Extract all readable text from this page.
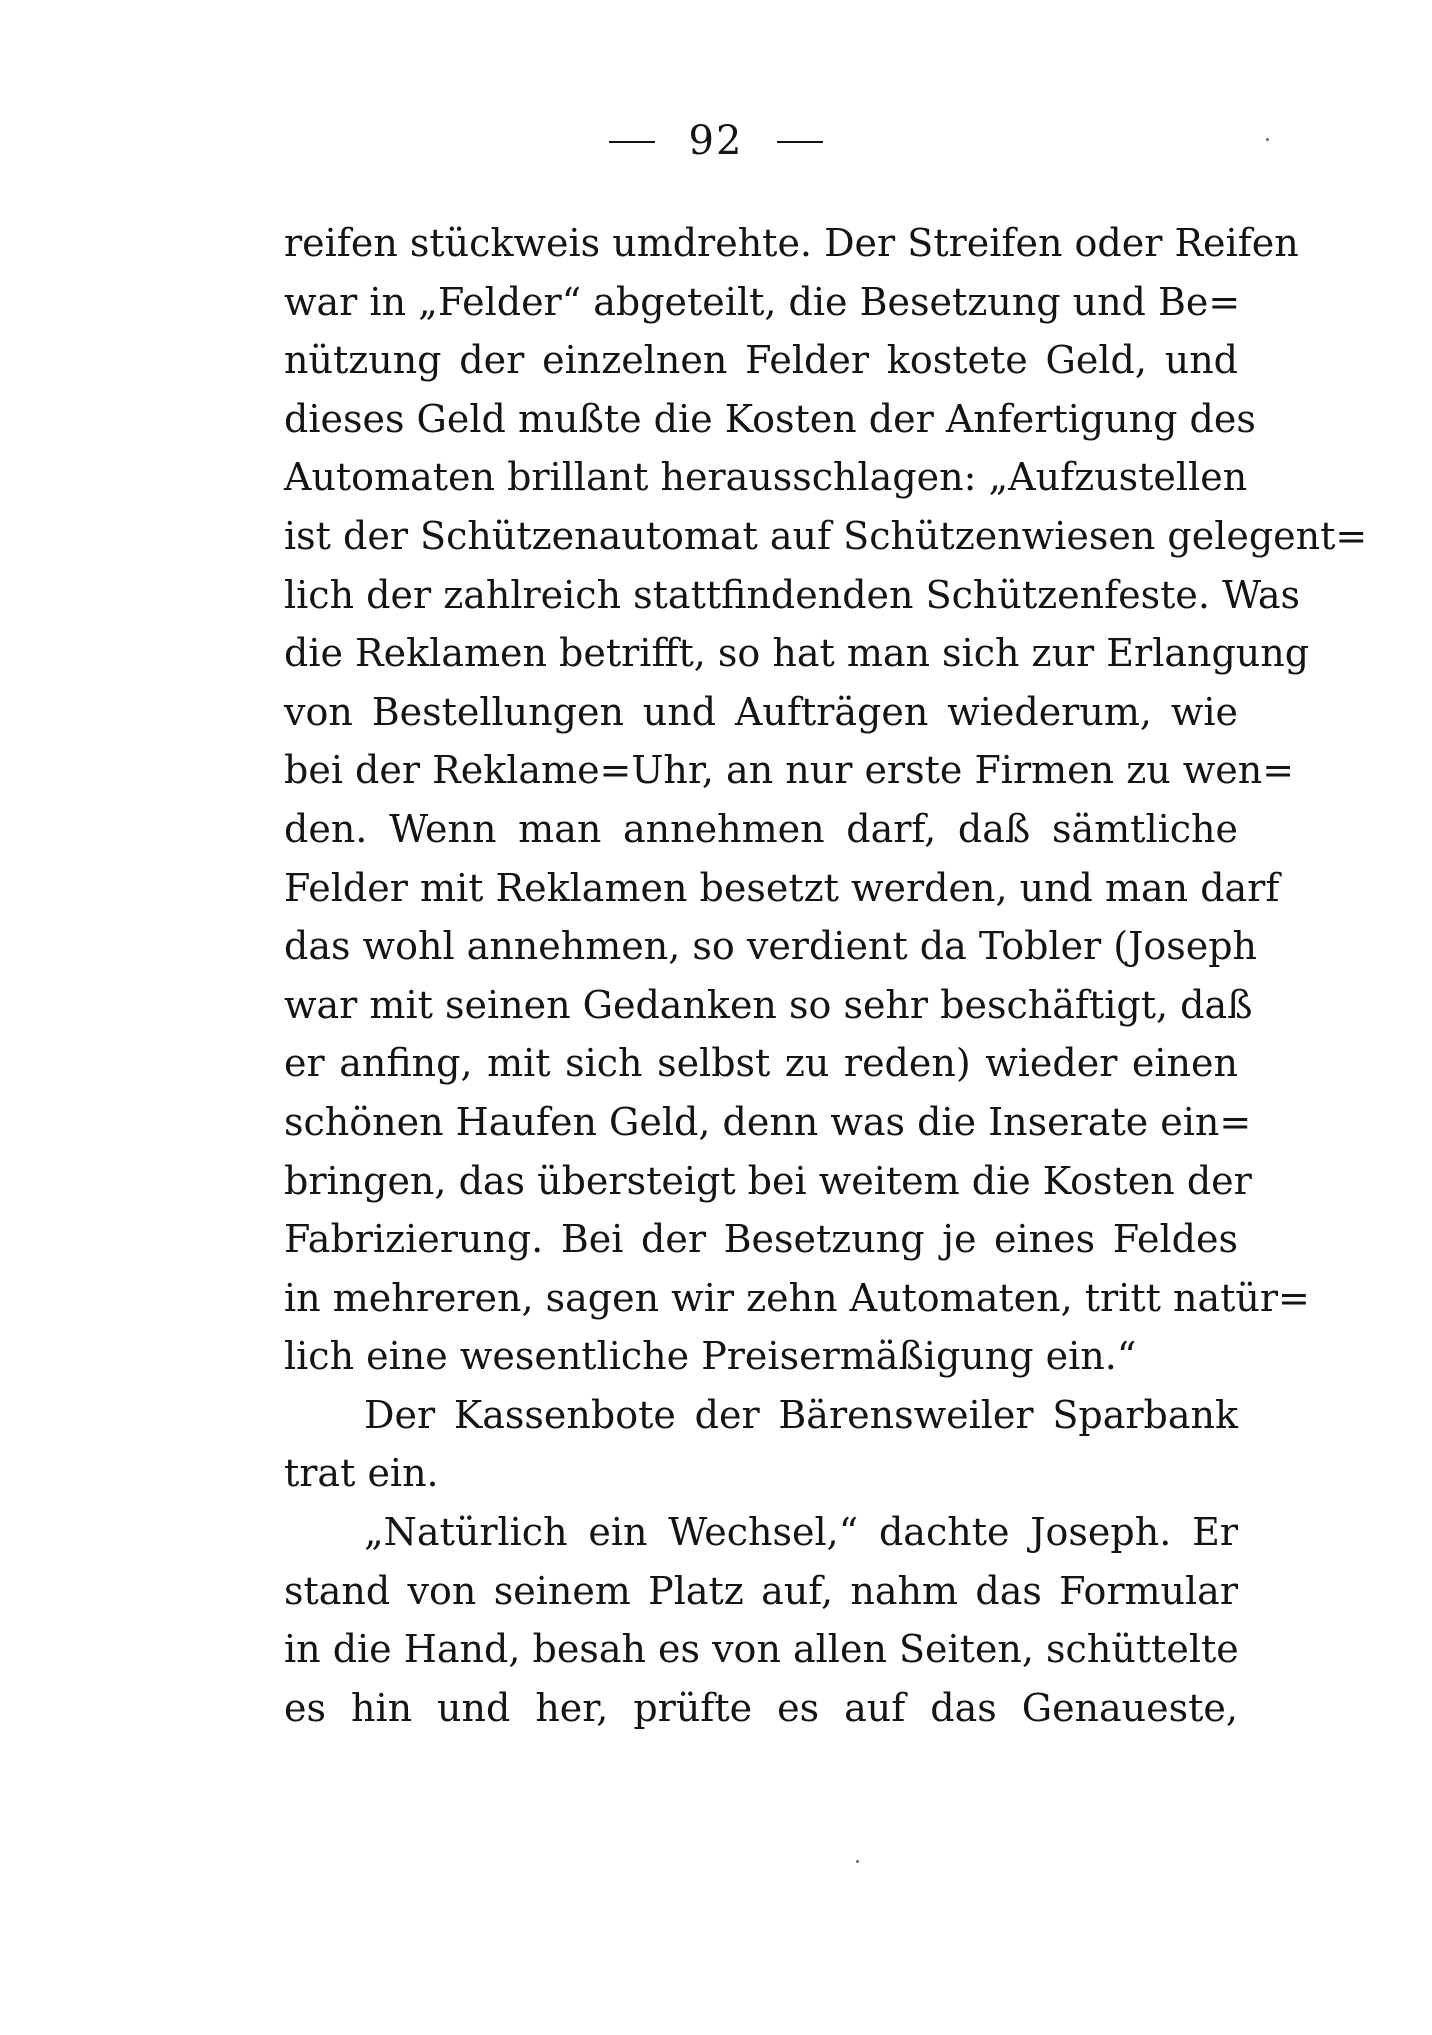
92
reifen stückweis umdrehte. Der Streifen oder Reifen
war in „Felder“ abgeteilt, die Besetzung und Be=
nützung der einzelnen Felder kostete Geld, und
dieses Geld mußte die Kosten der Anfertigung des
Automaten brillant herausschlagen: „Aufzustellen
ist der Schützenautomat auf Schützenwiesen gelegent=
lich der zahlreich stattfindenden Schützenfeste. Was
die Reklamen betrifft, so hat man sich zur Erlangung
von Bestellungen und Aufträgen wiederum, wie
bei der Reklame=Uhr, an nur erste Firmen zu wen=
den. Wenn man annehmen darf, daß sämtliche
Felder mit Reklamen besetzt werden, und man darf
das wohl annehmen, so verdient da Tobler (Joseph
war mit seinen Gedanken so sehr beschäftigt, daß
er anfing, mit sich selbst zu reden) wieder einen
schönen Haufen Geld, denn was die Inserate ein=
bringen, das übersteigt bei weitem die Kosten der
Fabrizierung. Bei der Besetzung je eines Feldes
in mehreren, sagen wir zehn Automaten, tritt natür=
lich eine wesentliche Preisermäßigung ein.“
Der Kassenbote der Bärensweiler Sparbank
trat ein.
„Natürlich ein Wechsel,“ dachte Joseph. Er
stand von seinem Platz auf, nahm das Formular
in die Hand, besah es von allen Seiten, schüttelte
es hin und her, prüfte es auf das Genaueste,
